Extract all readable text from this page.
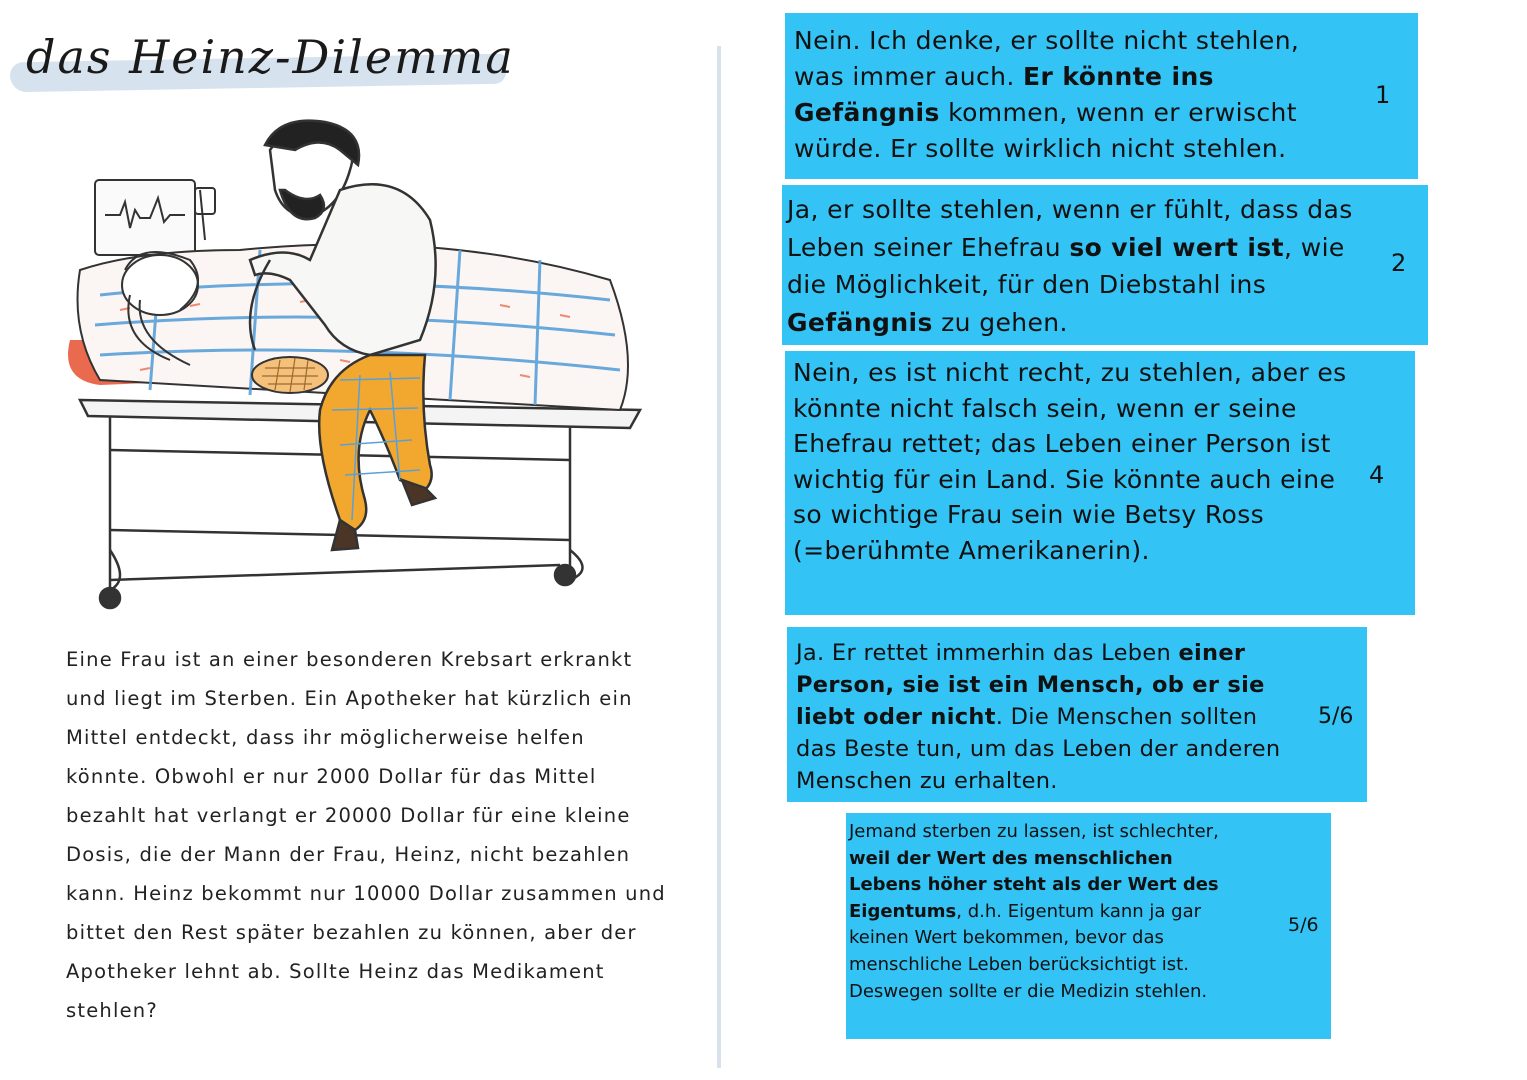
das Heinz-Dilemma

Eine Frau ist an einer besonderen Krebsart erkrankt und liegt im Sterben. Ein Apotheker hat kürzlich ein Mittel entdeckt, dass ihr möglicherweise helfen könnte. Obwohl er nur 2000 Dollar für das Mittel bezahlt hat verlangt er 20000 Dollar für eine kleine Dosis, die der Mann der Frau, Heinz, nicht bezahlen kann. Heinz bekommt nur 10000 Dollar zusammen und bittet den Rest später bezahlen zu können, aber der Apotheker lehnt ab. Sollte Heinz das Medikament stehlen?

Nein. Ich denke, er sollte nicht stehlen, was immer auch. Er könnte ins Gefängnis kommen, wenn er erwischt würde. Er sollte wirklich nicht stehlen.

1

Ja, er sollte stehlen, wenn er fühlt, dass das Leben seiner Ehefrau so viel wert ist, wie die Möglichkeit, für den Diebstahl ins Gefängnis zu gehen.

2

Nein, es ist nicht recht, zu stehlen, aber es könnte nicht falsch sein, wenn er seine Ehefrau rettet; das Leben einer Person ist wichtig für ein Land. Sie könnte auch eine so wichtige Frau sein wie Betsy Ross (=berühmte Amerikanerin).

4

Ja. Er rettet immerhin das Leben einer Person, sie ist ein Mensch, ob er sie liebt oder nicht. Die Menschen sollten das Beste tun, um das Leben der anderen Menschen zu erhalten.

5/6

Jemand sterben zu lassen, ist schlechter, weil der Wert des menschlichen Lebens höher steht als der Wert des Eigentums, d.h. Eigentum kann ja gar keinen Wert bekommen, bevor das menschliche Leben berücksichtigt ist. Deswegen sollte er die Medizin stehlen.

5/6
